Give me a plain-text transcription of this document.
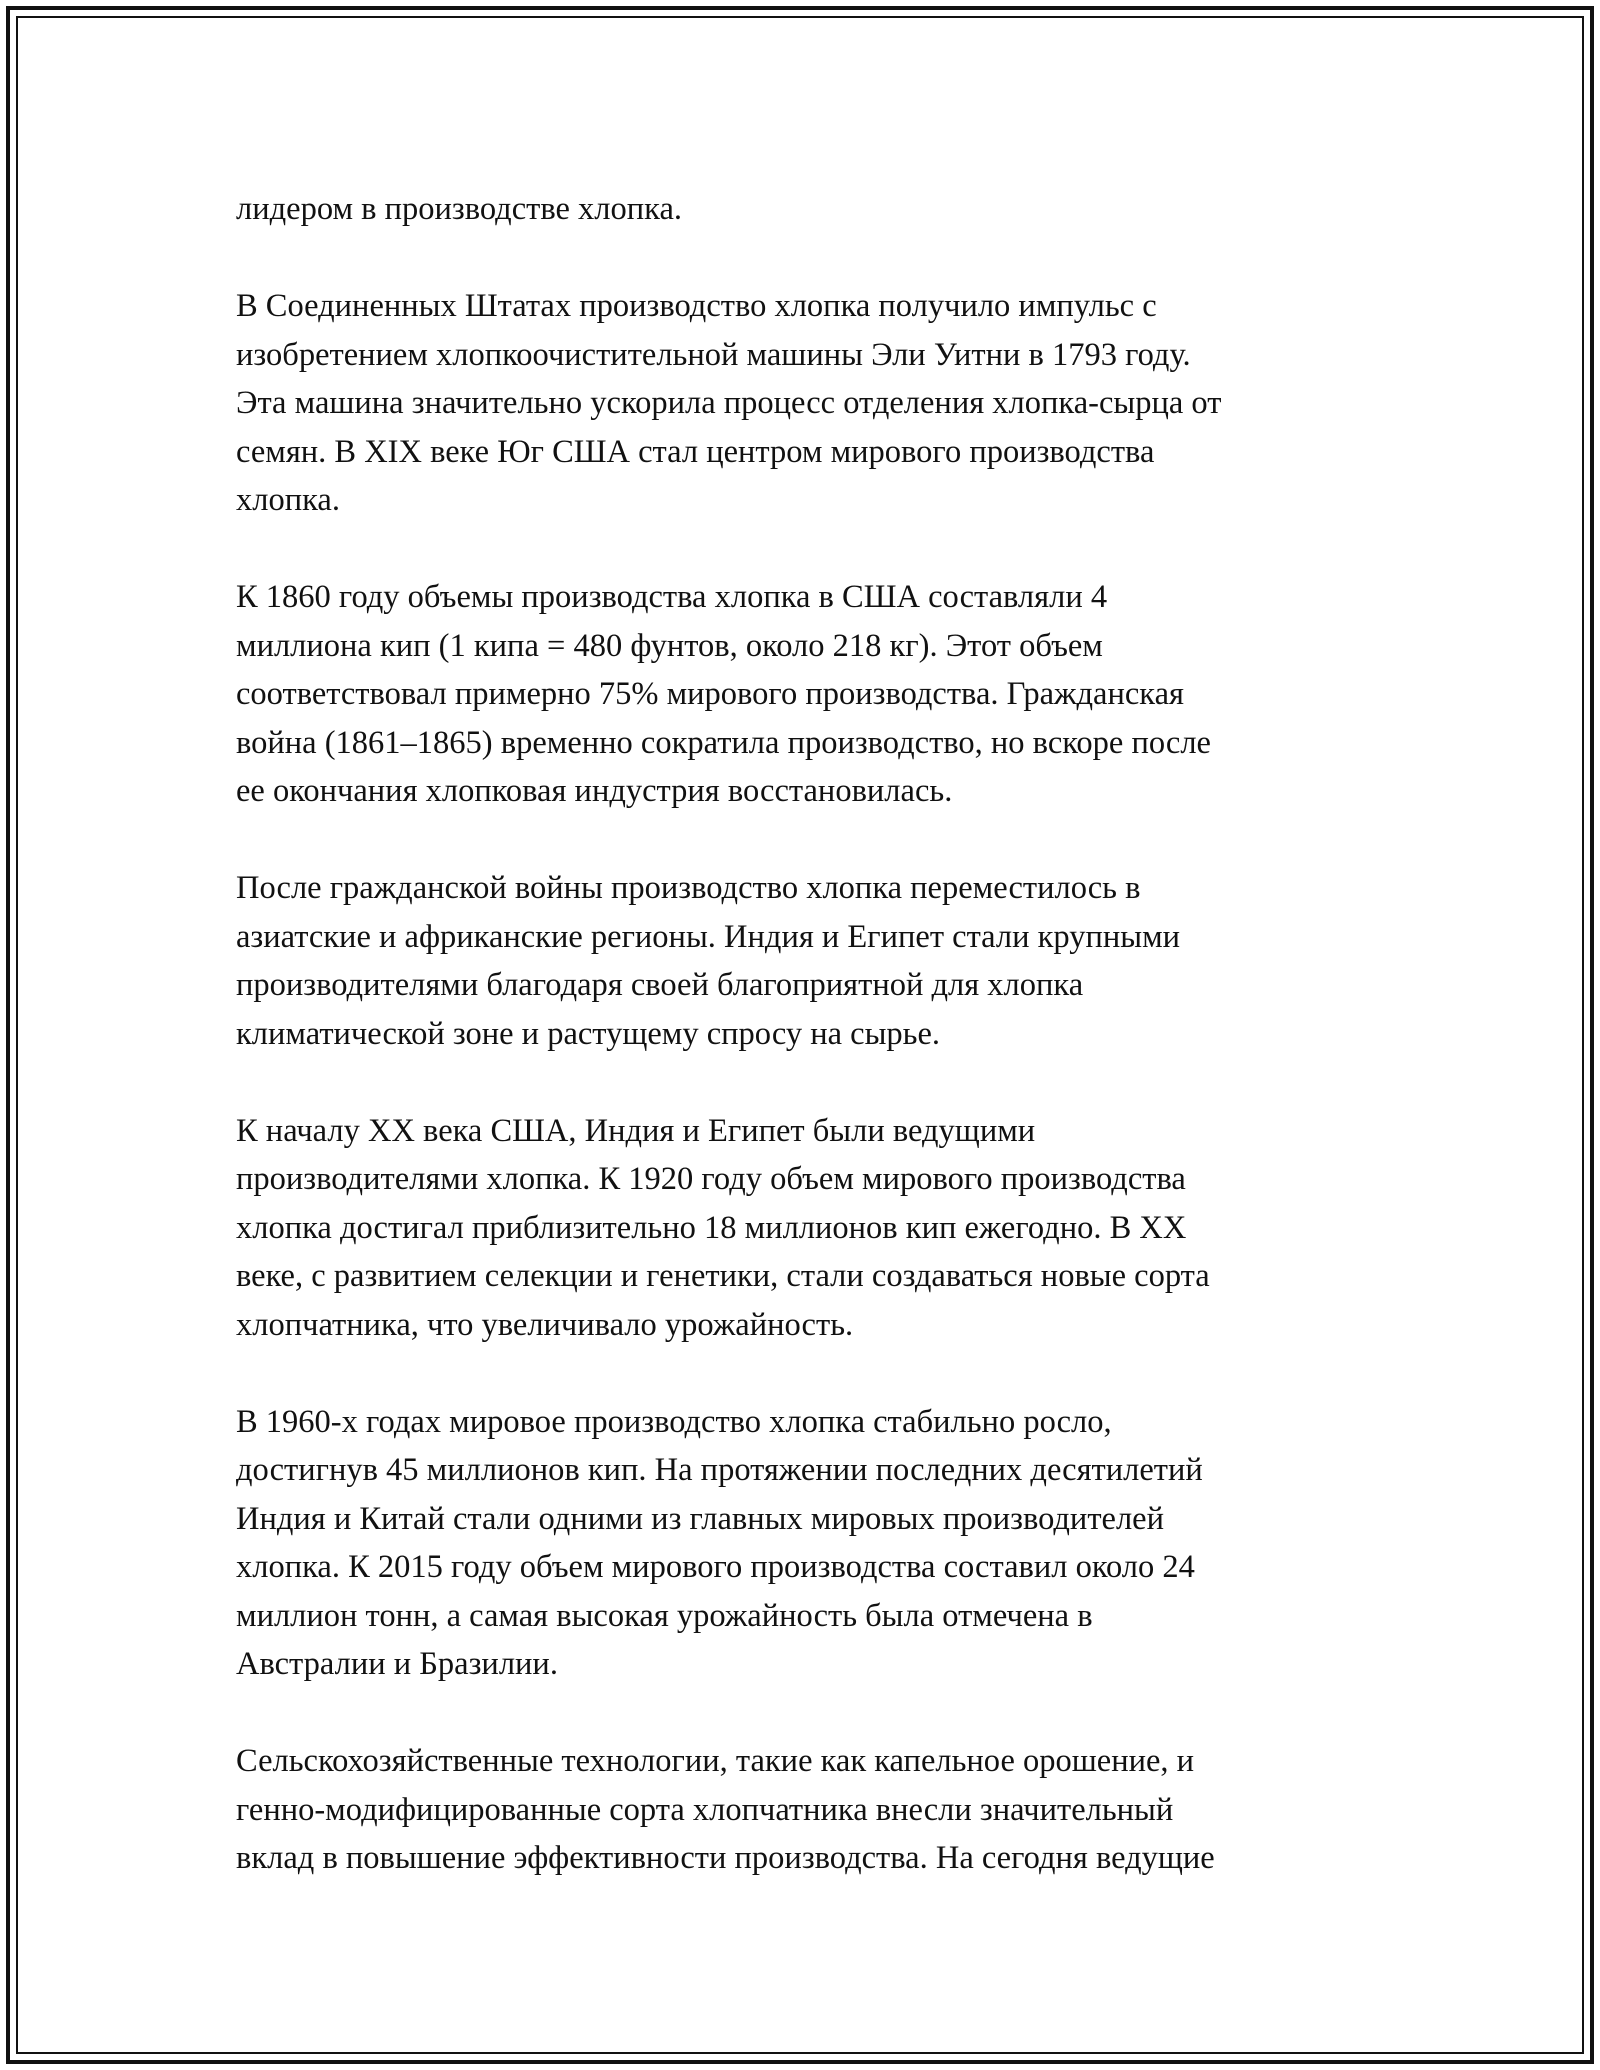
лидером в производстве хлопка.

В Соединенных Штатах производство хлопка получило импульс с
изобретением хлопкоочистительной машины Эли Уитни в 1793 году.
Эта машина значительно ускорила процесс отделения хлопка-сырца от
семян. В XIX веке Юг США стал центром мирового производства
хлопка.

К 1860 году объемы производства хлопка в США составляли 4
миллиона кип (1 кипа = 480 фунтов, около 218 кг). Этот объем
соответствовал примерно 75% мирового производства. Гражданская
война (1861–1865) временно сократила производство, но вскоре после
ее окончания хлопковая индустрия восстановилась.

После гражданской войны производство хлопка переместилось в
азиатские и африканские регионы. Индия и Египет стали крупными
производителями благодаря своей благоприятной для хлопка
климатической зоне и растущему спросу на сырье.

К началу XX века США, Индия и Египет были ведущими
производителями хлопка. К 1920 году объем мирового производства
хлопка достигал приблизительно 18 миллионов кип ежегодно. В XX
веке, с развитием селекции и генетики, стали создаваться новые сорта
хлопчатника, что увеличивало урожайность.

В 1960-х годах мировое производство хлопка стабильно росло,
достигнув 45 миллионов кип. На протяжении последних десятилетий
Индия и Китай стали одними из главных мировых производителей
хлопка. К 2015 году объем мирового производства составил около 24
миллион тонн, а самая высокая урожайность была отмечена в
Австралии и Бразилии.

Сельскохозяйственные технологии, такие как капельное орошение, и
генно-модифицированные сорта хлопчатника внесли значительный
вклад в повышение эффективности производства. На сегодня ведущие
